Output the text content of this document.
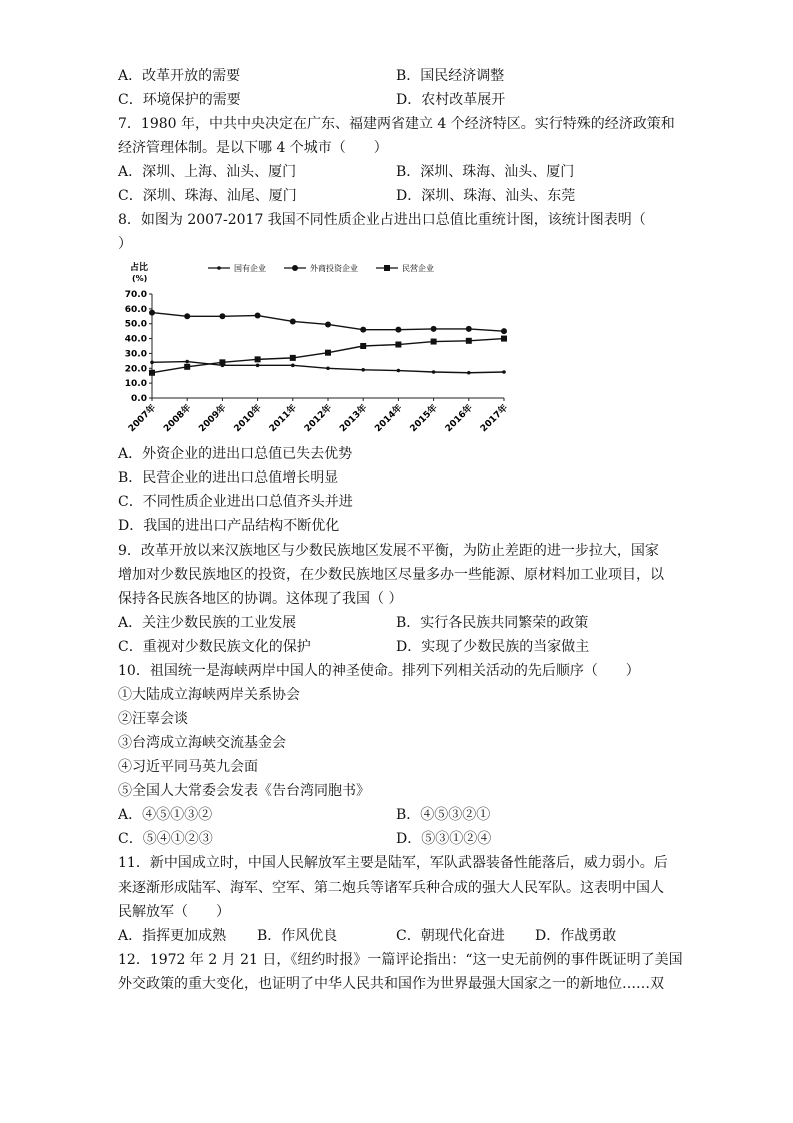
A．改革开放的需要	B．国民经济调整
C．环境保护的需要	D．农村改革展开
7．1980 年，中共中央决定在广东、福建两省建立 4 个经济特区。实行特殊的经济政策和
经济管理体制。是以下哪 4 个城市（　　）
A．深圳、上海、汕头、厦门	B．深圳、珠海、汕头、厦门
C．深圳、珠海、汕尾、厦门	D．深圳、珠海、汕头、东莞
8．如图为 2007-2017 我国不同性质企业占进出口总值比重统计图，该统计图表明（
）
占比
(%)
国有企业	外商投资企业	民营企业
70.0
60.0
50.0
40.0
30.0
20.0
10.0
0.0
2007年 2008年 2009年 2010年 2011年 2012年 2013年 2014年 2015年 2016年 2017年
A．外资企业的进出口总值已失去优势
B．民营企业的进出口总值增长明显
C．不同性质企业进出口总值齐头并进
D．我国的进出口产品结构不断优化
9．改革开放以来汉族地区与少数民族地区发展不平衡，为防止差距的进一步拉大，国家
增加对少数民族地区的投资，在少数民族地区尽量多办一些能源、原材料加工业项目，以
保持各民族各地区的协调。这体现了我国（ ）
A．关注少数民族的工业发展	B．实行各民族共同繁荣的政策
C．重视对少数民族文化的保护	D．实现了少数民族的当家做主
10．祖国统一是海峡两岸中国人的神圣使命。排列下列相关活动的先后顺序（　　）
①大陆成立海峡两岸关系协会
②汪辜会谈
③台湾成立海峡交流基金会
④习近平同马英九会面
⑤全国人大常委会发表《告台湾同胞书》
A．④⑤①③②	B．④⑤③②①
C．⑤④①②③	D．⑤③①②④
11．新中国成立时，中国人民解放军主要是陆军，军队武器装备性能落后，威力弱小。后
来逐渐形成陆军、海军、空军、第二炮兵等诸军兵种合成的强大人民军队。这表明中国人
民解放军（　　）
A．指挥更加成熟 B．作风优良	C．朝现代化奋进 D．作战勇敢
12．1972 年 2 月 21 日，《纽约时报》一篇评论指出：“这一史无前例的事件既证明了美国
外交政策的重大变化，也证明了中华人民共和国作为世界最强大国家之一的新地位……双
